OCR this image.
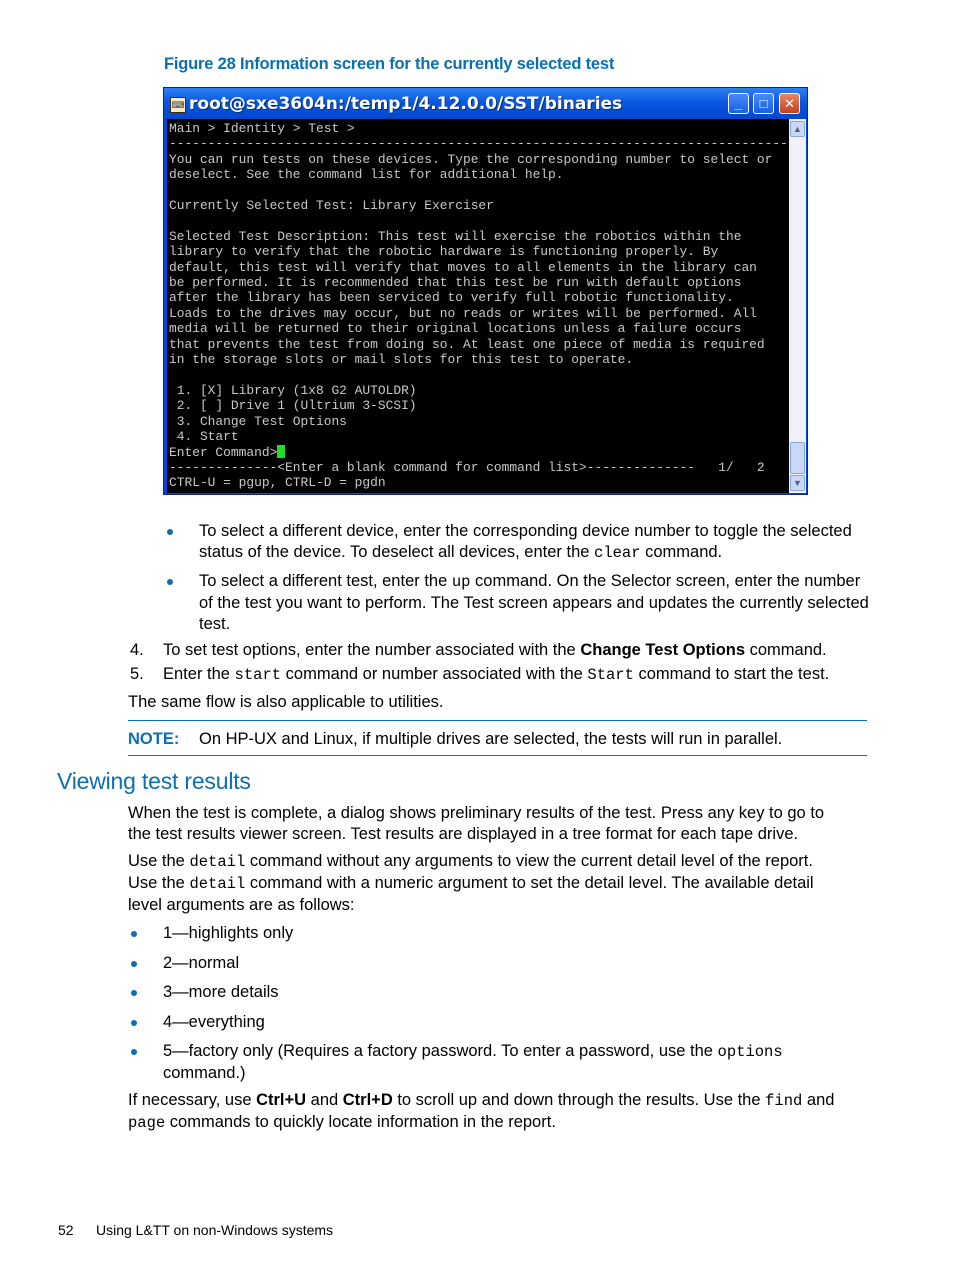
Figure 28 Information screen for the currently selected test
⌨ root@sxe3604n:/temp1/4.12.0.0/SST/binaries	_	□	✕
Main > Identity > Test >
--------------------------------------------------------------------------------
You can run tests on these devices. Type the corresponding number to select or
deselect. See the command list for additional help.

Currently Selected Test: Library Exerciser

Selected Test Description: This test will exercise the robotics within the
library to verify that the robotic hardware is functioning properly. By
default, this test will verify that moves to all elements in the library can
be performed. It is recommended that this test be run with default options
after the library has been serviced to verify full robotic functionality.
Loads to the drives may occur, but no reads or writes will be performed. All
media will be returned to their original locations unless a failure occurs
that prevents the test from doing so. At least one piece of media is required
in the storage slots or mail slots for this test to operate.

1. [X] Library (1x8 G2 AUTOLDR)
2. [ ] Drive 1 (Ultrium 3-SCSI)
3. Change Test Options
4. Start
Enter Command>
--------------<Enter a blank command for command list>--------------   1/   2
CTRL-U = pgup, CTRL-D = pgdn
▲
▼
To select a different device, enter the corresponding device number to toggle the selected
status of the device. To deselect all devices, enter the clear command.
To select a different test, enter the up command. On the Selector screen, enter the number
of the test you want to perform. The Test screen appears and updates the currently selected
test.
4. To set test options, enter the number associated with the Change Test Options command.
5. Enter the start command or number associated with the Start command to start the test.
The same flow is also applicable to utilities.
NOTE: On HP-UX and Linux, if multiple drives are selected, the tests will run in parallel.
Viewing test results
When the test is complete, a dialog shows preliminary results of the test. Press any key to go to
the test results viewer screen. Test results are displayed in a tree format for each tape drive.
Use the detail command without any arguments to view the current detail level of the report.
Use the detail command with a numeric argument to set the detail level. The available detail
level arguments are as follows:
1—highlights only
2—normal
3—more details
4—everything
5—factory only (Requires a factory password. To enter a password, use the options
command.)
If necessary, use Ctrl+U and Ctrl+D to scroll up and down through the results. Use the find and
page commands to quickly locate information in the report.
52 Using L&TT on non-Windows systems
